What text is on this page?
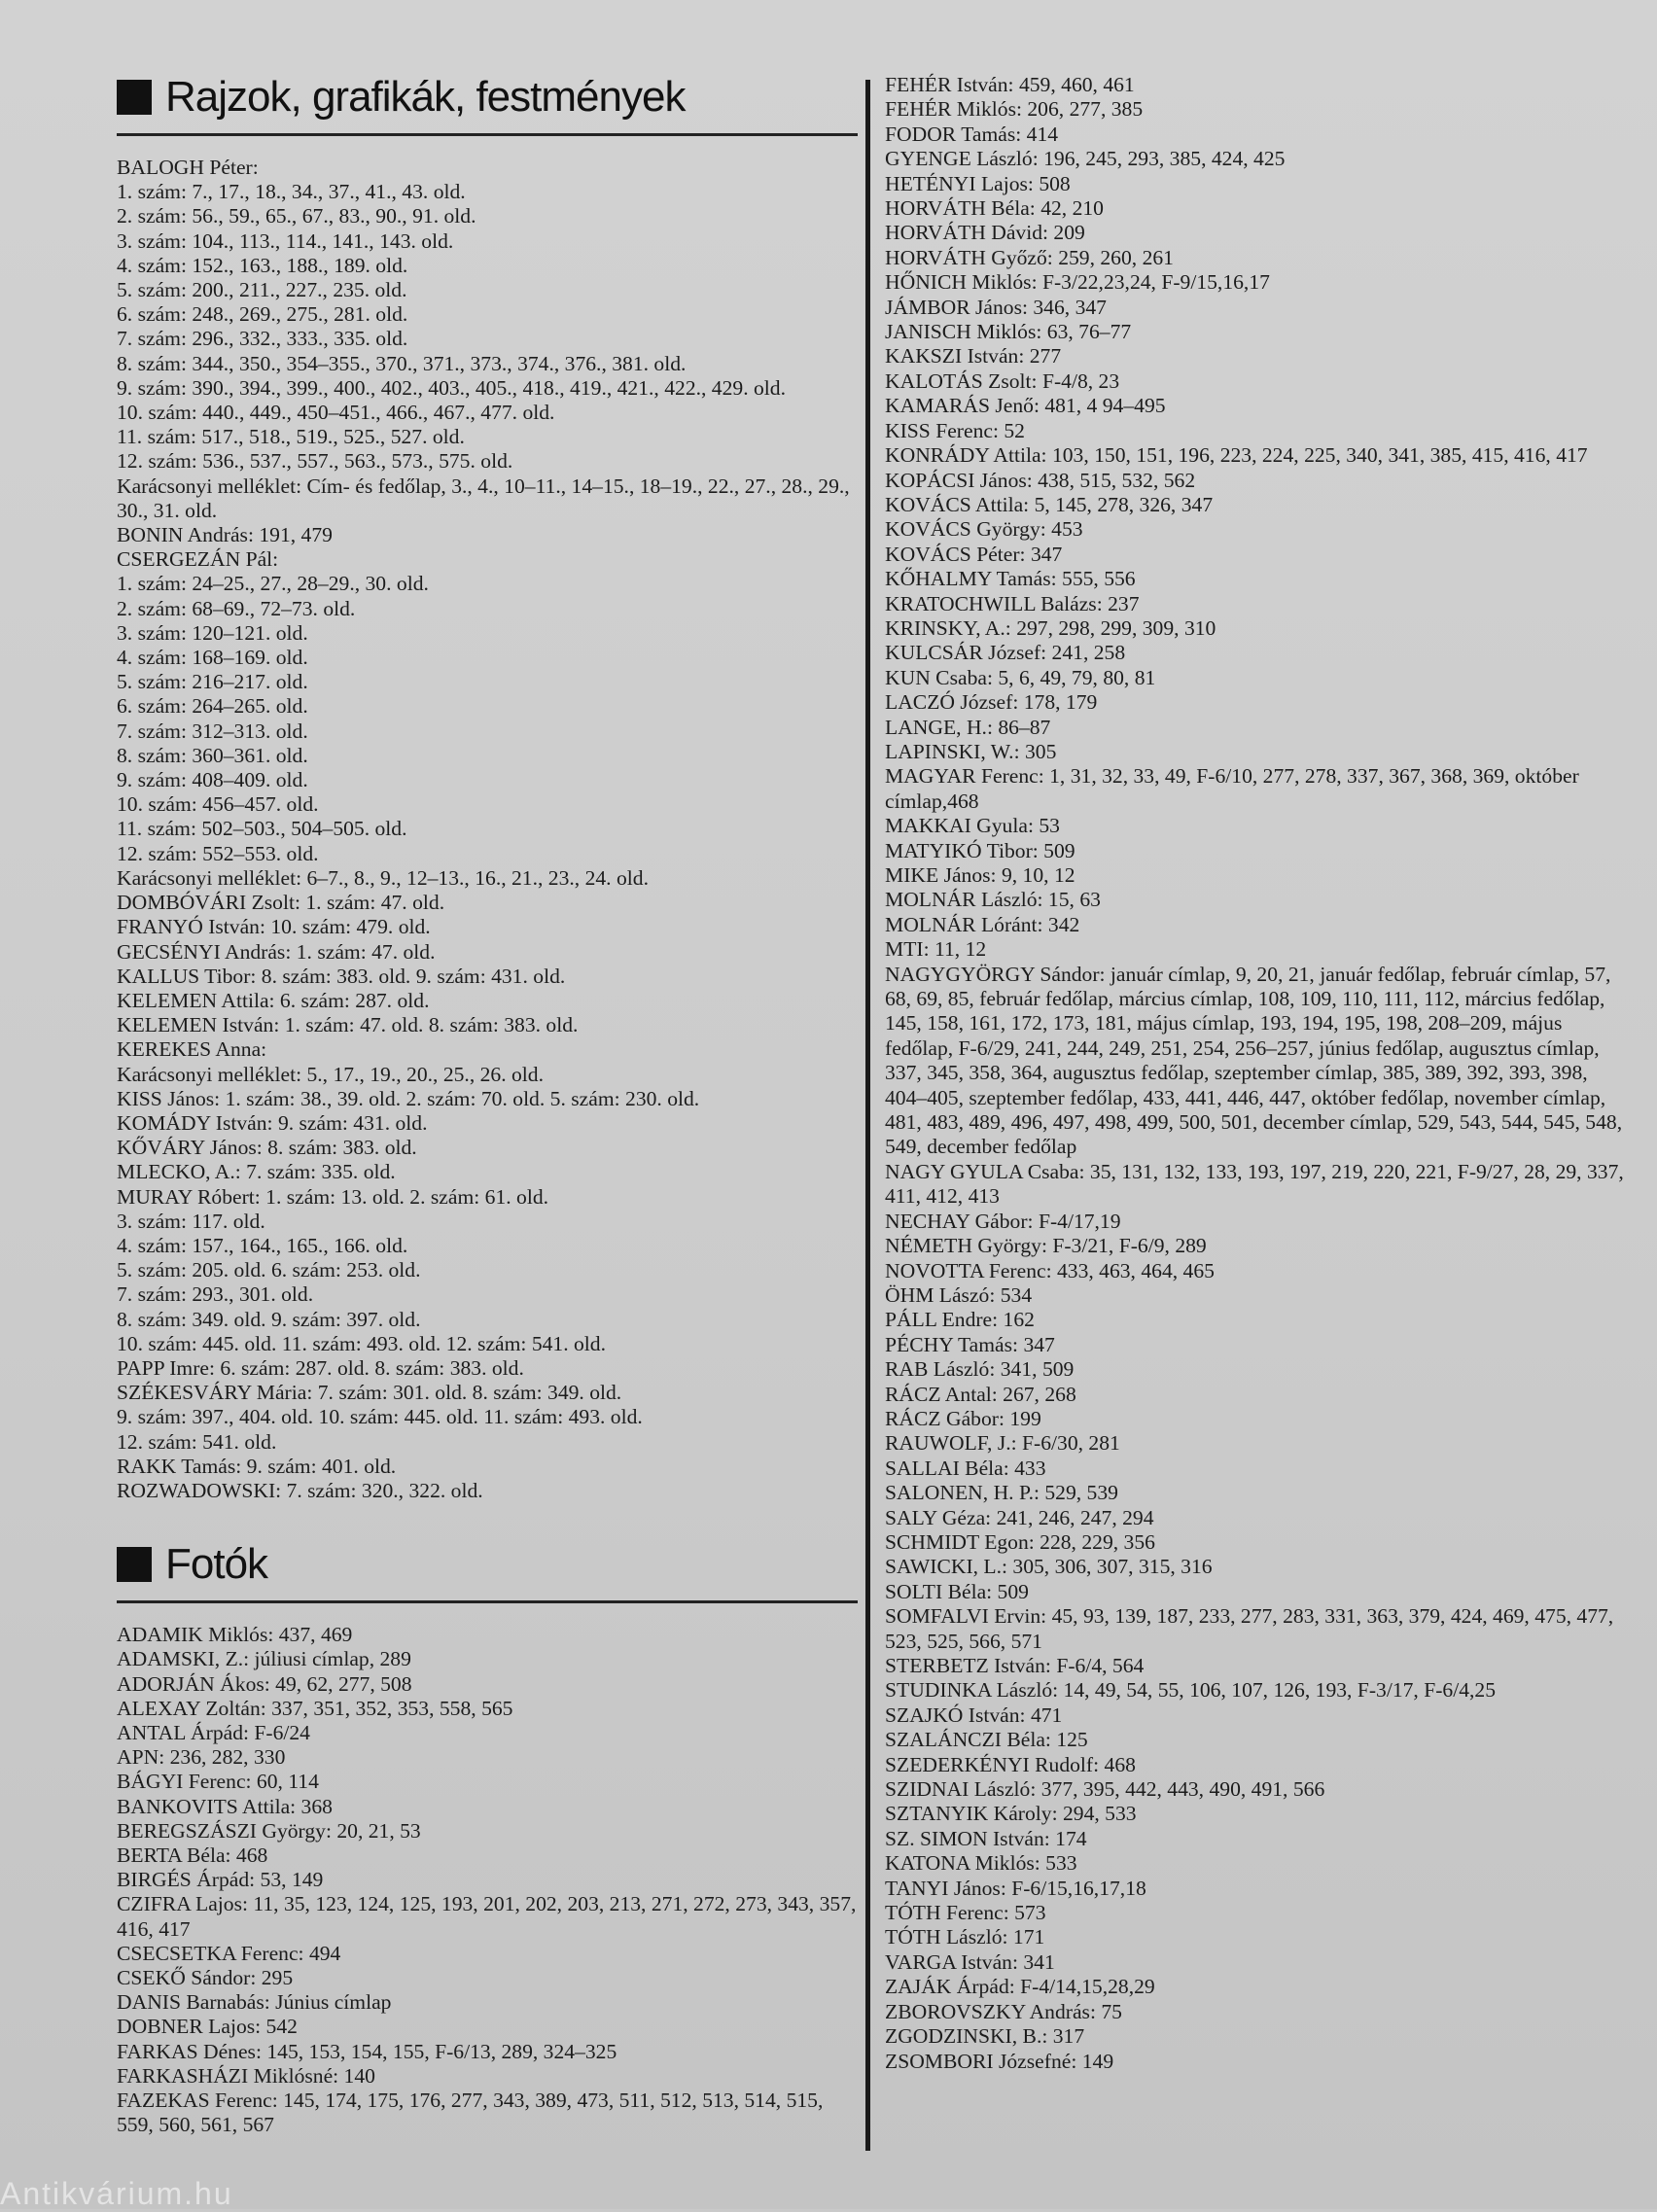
Rajzok, grafikák, festmények

BALOGH Péter:

1. szám: 7., 17., 18., 34., 37., 41., 43. old.

2. szám: 56., 59., 65., 67., 83., 90., 91. old.

3. szám: 104., 113., 114., 141., 143. old.

4. szám: 152., 163., 188., 189. old.

5. szám: 200., 211., 227., 235. old.

6. szám: 248., 269., 275., 281. old.

7. szám: 296., 332., 333., 335. old.

8. szám: 344., 350., 354–355., 370., 371., 373., 374., 376., 381. old.

9. szám: 390., 394., 399., 400., 402., 403., 405., 418., 419., 421., 422., 429. old.

10. szám: 440., 449., 450–451., 466., 467., 477. old.

11. szám: 517., 518., 519., 525., 527. old.

12. szám: 536., 537., 557., 563., 573., 575. old.

Karácsonyi melléklet: Cím- és fedőlap, 3., 4., 10–11., 14–15., 18–19., 22., 27., 28., 29., 30., 31. old.

BONIN András: 191, 479

CSERGEZÁN Pál:

1. szám: 24–25., 27., 28–29., 30. old.

2. szám: 68–69., 72–73. old.

3. szám: 120–121. old.

4. szám: 168–169. old.

5. szám: 216–217. old.

6. szám: 264–265. old.

7. szám: 312–313. old.

8. szám: 360–361. old.

9. szám: 408–409. old.

10. szám: 456–457. old.

11. szám: 502–503., 504–505. old.

12. szám: 552–553. old.

Karácsonyi melléklet: 6–7., 8., 9., 12–13., 16., 21., 23., 24. old.

DOMBÓVÁRI Zsolt: 1. szám: 47. old.

FRANYÓ István: 10. szám: 479. old.

GECSÉNYI András: 1. szám: 47. old.

KALLUS Tibor: 8. szám: 383. old. 9. szám: 431. old.

KELEMEN Attila: 6. szám: 287. old.

KELEMEN István: 1. szám: 47. old. 8. szám: 383. old.

KEREKES Anna:

Karácsonyi melléklet: 5., 17., 19., 20., 25., 26. old.

KISS János: 1. szám: 38., 39. old. 2. szám: 70. old. 5. szám: 230. old.

KOMÁDY István: 9. szám: 431. old.

KŐVÁRY János: 8. szám: 383. old.

MLECKO, A.: 7. szám: 335. old.

MURAY Róbert: 1. szám: 13. old. 2. szám: 61. old.

3. szám: 117. old.

4. szám: 157., 164., 165., 166. old.

5. szám: 205. old. 6. szám: 253. old.

7. szám: 293., 301. old.

8. szám: 349. old. 9. szám: 397. old.

10. szám: 445. old. 11. szám: 493. old. 12. szám: 541. old.

PAPP Imre: 6. szám: 287. old. 8. szám: 383. old.

SZÉKESVÁRY Mária: 7. szám: 301. old. 8. szám: 349. old.

9. szám: 397., 404. old. 10. szám: 445. old. 11. szám: 493. old.

12. szám: 541. old.

RAKK Tamás: 9. szám: 401. old.

ROZWADOWSKI: 7. szám: 320., 322. old.

Fotók

ADAMIK Miklós: 437, 469

ADAMSKI, Z.: júliusi címlap, 289

ADORJÁN Ákos: 49, 62, 277, 508

ALEXAY Zoltán: 337, 351, 352, 353, 558, 565

ANTAL Árpád: F-6/24

APN: 236, 282, 330

BÁGYI Ferenc: 60, 114

BANKOVITS Attila: 368

BEREGSZÁSZI György: 20, 21, 53

BERTA Béla: 468

BIRGÉS Árpád: 53, 149

CZIFRA Lajos: 11, 35, 123, 124, 125, 193, 201, 202, 203, 213, 271, 272, 273, 343, 357, 416, 417

CSECSETKA Ferenc: 494

CSEKŐ Sándor: 295

DANIS Barnabás: Június címlap

DOBNER Lajos: 542

FARKAS Dénes: 145, 153, 154, 155, F-6/13, 289, 324–325

FARKASHÁZI Miklósné: 140

FAZEKAS Ferenc: 145, 174, 175, 176, 277, 343, 389, 473, 511, 512, 513, 514, 515, 559, 560, 561, 567

FEHÉR István: 459, 460, 461

FEHÉR Miklós: 206, 277, 385

FODOR Tamás: 414

GYENGE László: 196, 245, 293, 385, 424, 425

HETÉNYI Lajos: 508

HORVÁTH Béla: 42, 210

HORVÁTH Dávid: 209

HORVÁTH Győző: 259, 260, 261

HŐNICH Miklós: F-3/22,23,24, F-9/15,16,17

JÁMBOR János: 346, 347

JANISCH Miklós: 63, 76–77

KAKSZI István: 277

KALOTÁS Zsolt: F-4/8, 23

KAMARÁS Jenő: 481, 4 94–495

KISS Ferenc: 52

KONRÁDY Attila: 103, 150, 151, 196, 223, 224, 225, 340, 341, 385, 415, 416, 417

KOPÁCSI János: 438, 515, 532, 562

KOVÁCS Attila: 5, 145, 278, 326, 347

KOVÁCS György: 453

KOVÁCS Péter: 347

KŐHALMY Tamás: 555, 556

KRATOCHWILL Balázs: 237

KRINSKY, A.: 297, 298, 299, 309, 310

KULCSÁR József: 241, 258

KUN Csaba: 5, 6, 49, 79, 80, 81

LACZÓ József: 178, 179

LANGE, H.: 86–87

LAPINSKI, W.: 305

MAGYAR Ferenc: 1, 31, 32, 33, 49, F-6/10, 277, 278, 337, 367, 368, 369, október címlap,468

MAKKAI Gyula: 53

MATYIKÓ Tibor: 509

MIKE János: 9, 10, 12

MOLNÁR László: 15, 63

MOLNÁR Lóránt: 342

MTI: 11, 12

NAGYGYÖRGY Sándor: január címlap, 9, 20, 21, január fedőlap, február címlap, 57, 68, 69, 85, február fedőlap, március címlap, 108, 109, 110, 111, 112, március fedőlap, 145, 158, 161, 172, 173, 181, május címlap, 193, 194, 195, 198, 208–209, május fedőlap, F-6/29, 241, 244, 249, 251, 254, 256–257, június fedőlap, augusztus címlap, 337, 345, 358, 364, augusztus fedőlap, szeptember címlap, 385, 389, 392, 393, 398, 404–405, szeptember fedőlap, 433, 441, 446, 447, október fedőlap, november címlap, 481, 483, 489, 496, 497, 498, 499, 500, 501, december címlap, 529, 543, 544, 545, 548, 549, december fedőlap

NAGY GYULA Csaba: 35, 131, 132, 133, 193, 197, 219, 220, 221, F-9/27, 28, 29, 337, 411, 412, 413

NECHAY Gábor: F-4/17,19

NÉMETH György: F-3/21, F-6/9, 289

NOVOTTA Ferenc: 433, 463, 464, 465

ÖHM Lászó: 534

PÁLL Endre: 162

PÉCHY Tamás: 347

RAB László: 341, 509

RÁCZ Antal: 267, 268

RÁCZ Gábor: 199

RAUWOLF, J.: F-6/30, 281

SALLAI Béla: 433

SALONEN, H. P.: 529, 539

SALY Géza: 241, 246, 247, 294

SCHMIDT Egon: 228, 229, 356

SAWICKI, L.: 305, 306, 307, 315, 316

SOLTI Béla: 509

SOMFALVI Ervin: 45, 93, 139, 187, 233, 277, 283, 331, 363, 379, 424, 469, 475, 477, 523, 525, 566, 571

STERBETZ István: F-6/4, 564

STUDINKA László: 14, 49, 54, 55, 106, 107, 126, 193, F-3/17, F-6/4,25

SZAJKÓ István: 471

SZALÁNCZI Béla: 125

SZEDERKÉNYI Rudolf: 468

SZIDNAI László: 377, 395, 442, 443, 490, 491, 566

SZTANYIK Károly: 294, 533

SZ. SIMON István: 174

KATONA Miklós: 533

TANYI János: F-6/15,16,17,18

TÓTH Ferenc: 573

TÓTH László: 171

VARGA István: 341

ZAJÁK Árpád: F-4/14,15,28,29

ZBOROVSZKY András: 75

ZGODZINSKI, B.: 317

ZSOMBORI Józsefné: 149

Antikvárium.hu
